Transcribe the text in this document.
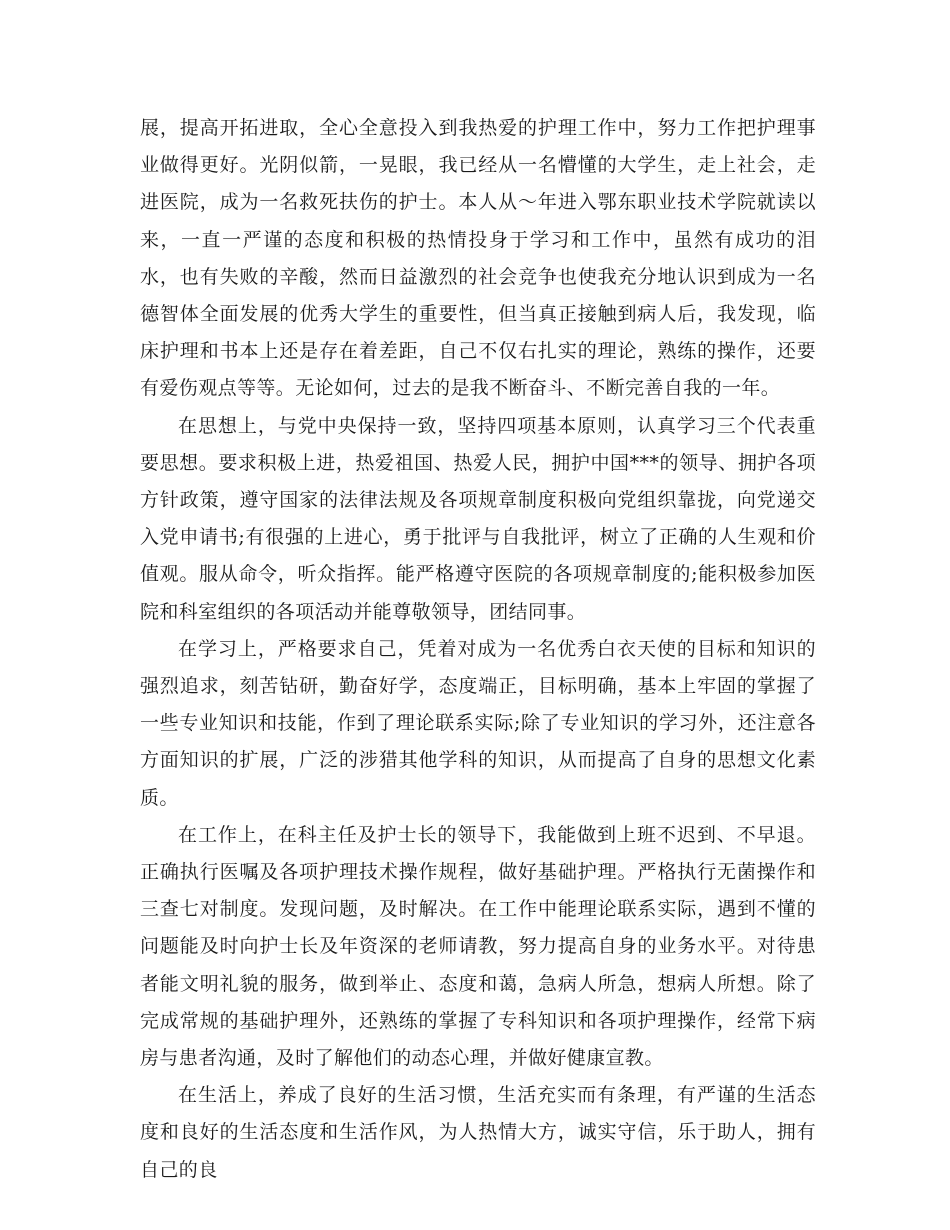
展，提高开拓进取，全心全意投入到我热爱的护理工作中，努力工作把护理事业做得更好。光阴似箭，一晃眼，我已经从一名懵懂的大学生，走上社会，走进医院，成为一名救死扶伤的护士。本人从～年进入鄂东职业技术学院就读以来，一直一严谨的态度和积极的热情投身于学习和工作中，虽然有成功的泪水，也有失败的辛酸，然而日益激烈的社会竞争也使我充分地认识到成为一名德智体全面发展的优秀大学生的重要性，但当真正接触到病人后，我发现，临床护理和书本上还是存在着差距，自己不仅右扎实的理论，熟练的操作，还要有爱伤观点等等。无论如何，过去的是我不断奋斗、不断完善自我的一年。

在思想上，与党中央保持一致，坚持四项基本原则，认真学习三个代表重要思想。要求积极上进，热爱祖国、热爱人民，拥护中国***的领导、拥护各项方针政策，遵守国家的法律法规及各项规章制度积极向党组织靠拢，向党递交入党申请书;有很强的上进心，勇于批评与自我批评，树立了正确的人生观和价值观。服从命令，听众指挥。能严格遵守医院的各项规章制度的;能积极参加医院和科室组织的各项活动并能尊敬领导，团结同事。

在学习上，严格要求自己，凭着对成为一名优秀白衣天使的目标和知识的强烈追求，刻苦钻研，勤奋好学，态度端正，目标明确，基本上牢固的掌握了一些专业知识和技能，作到了理论联系实际;除了专业知识的学习外，还注意各方面知识的扩展，广泛的涉猎其他学科的知识，从而提高了自身的思想文化素质。

在工作上，在科主任及护士长的领导下，我能做到上班不迟到、不早退。正确执行医嘱及各项护理技术操作规程，做好基础护理。严格执行无菌操作和三查七对制度。发现问题，及时解决。在工作中能理论联系实际，遇到不懂的问题能及时向护士长及年资深的老师请教，努力提高自身的业务水平。对待患者能文明礼貌的服务，做到举止、态度和蔼，急病人所急，想病人所想。除了完成常规的基础护理外，还熟练的掌握了专科知识和各项护理操作，经常下病房与患者沟通，及时了解他们的动态心理，并做好健康宣教。

在生活上，养成了良好的生活习惯，生活充实而有条理，有严谨的生活态度和良好的生活态度和生活作风，为人热情大方，诚实守信，乐于助人，拥有自己的良
